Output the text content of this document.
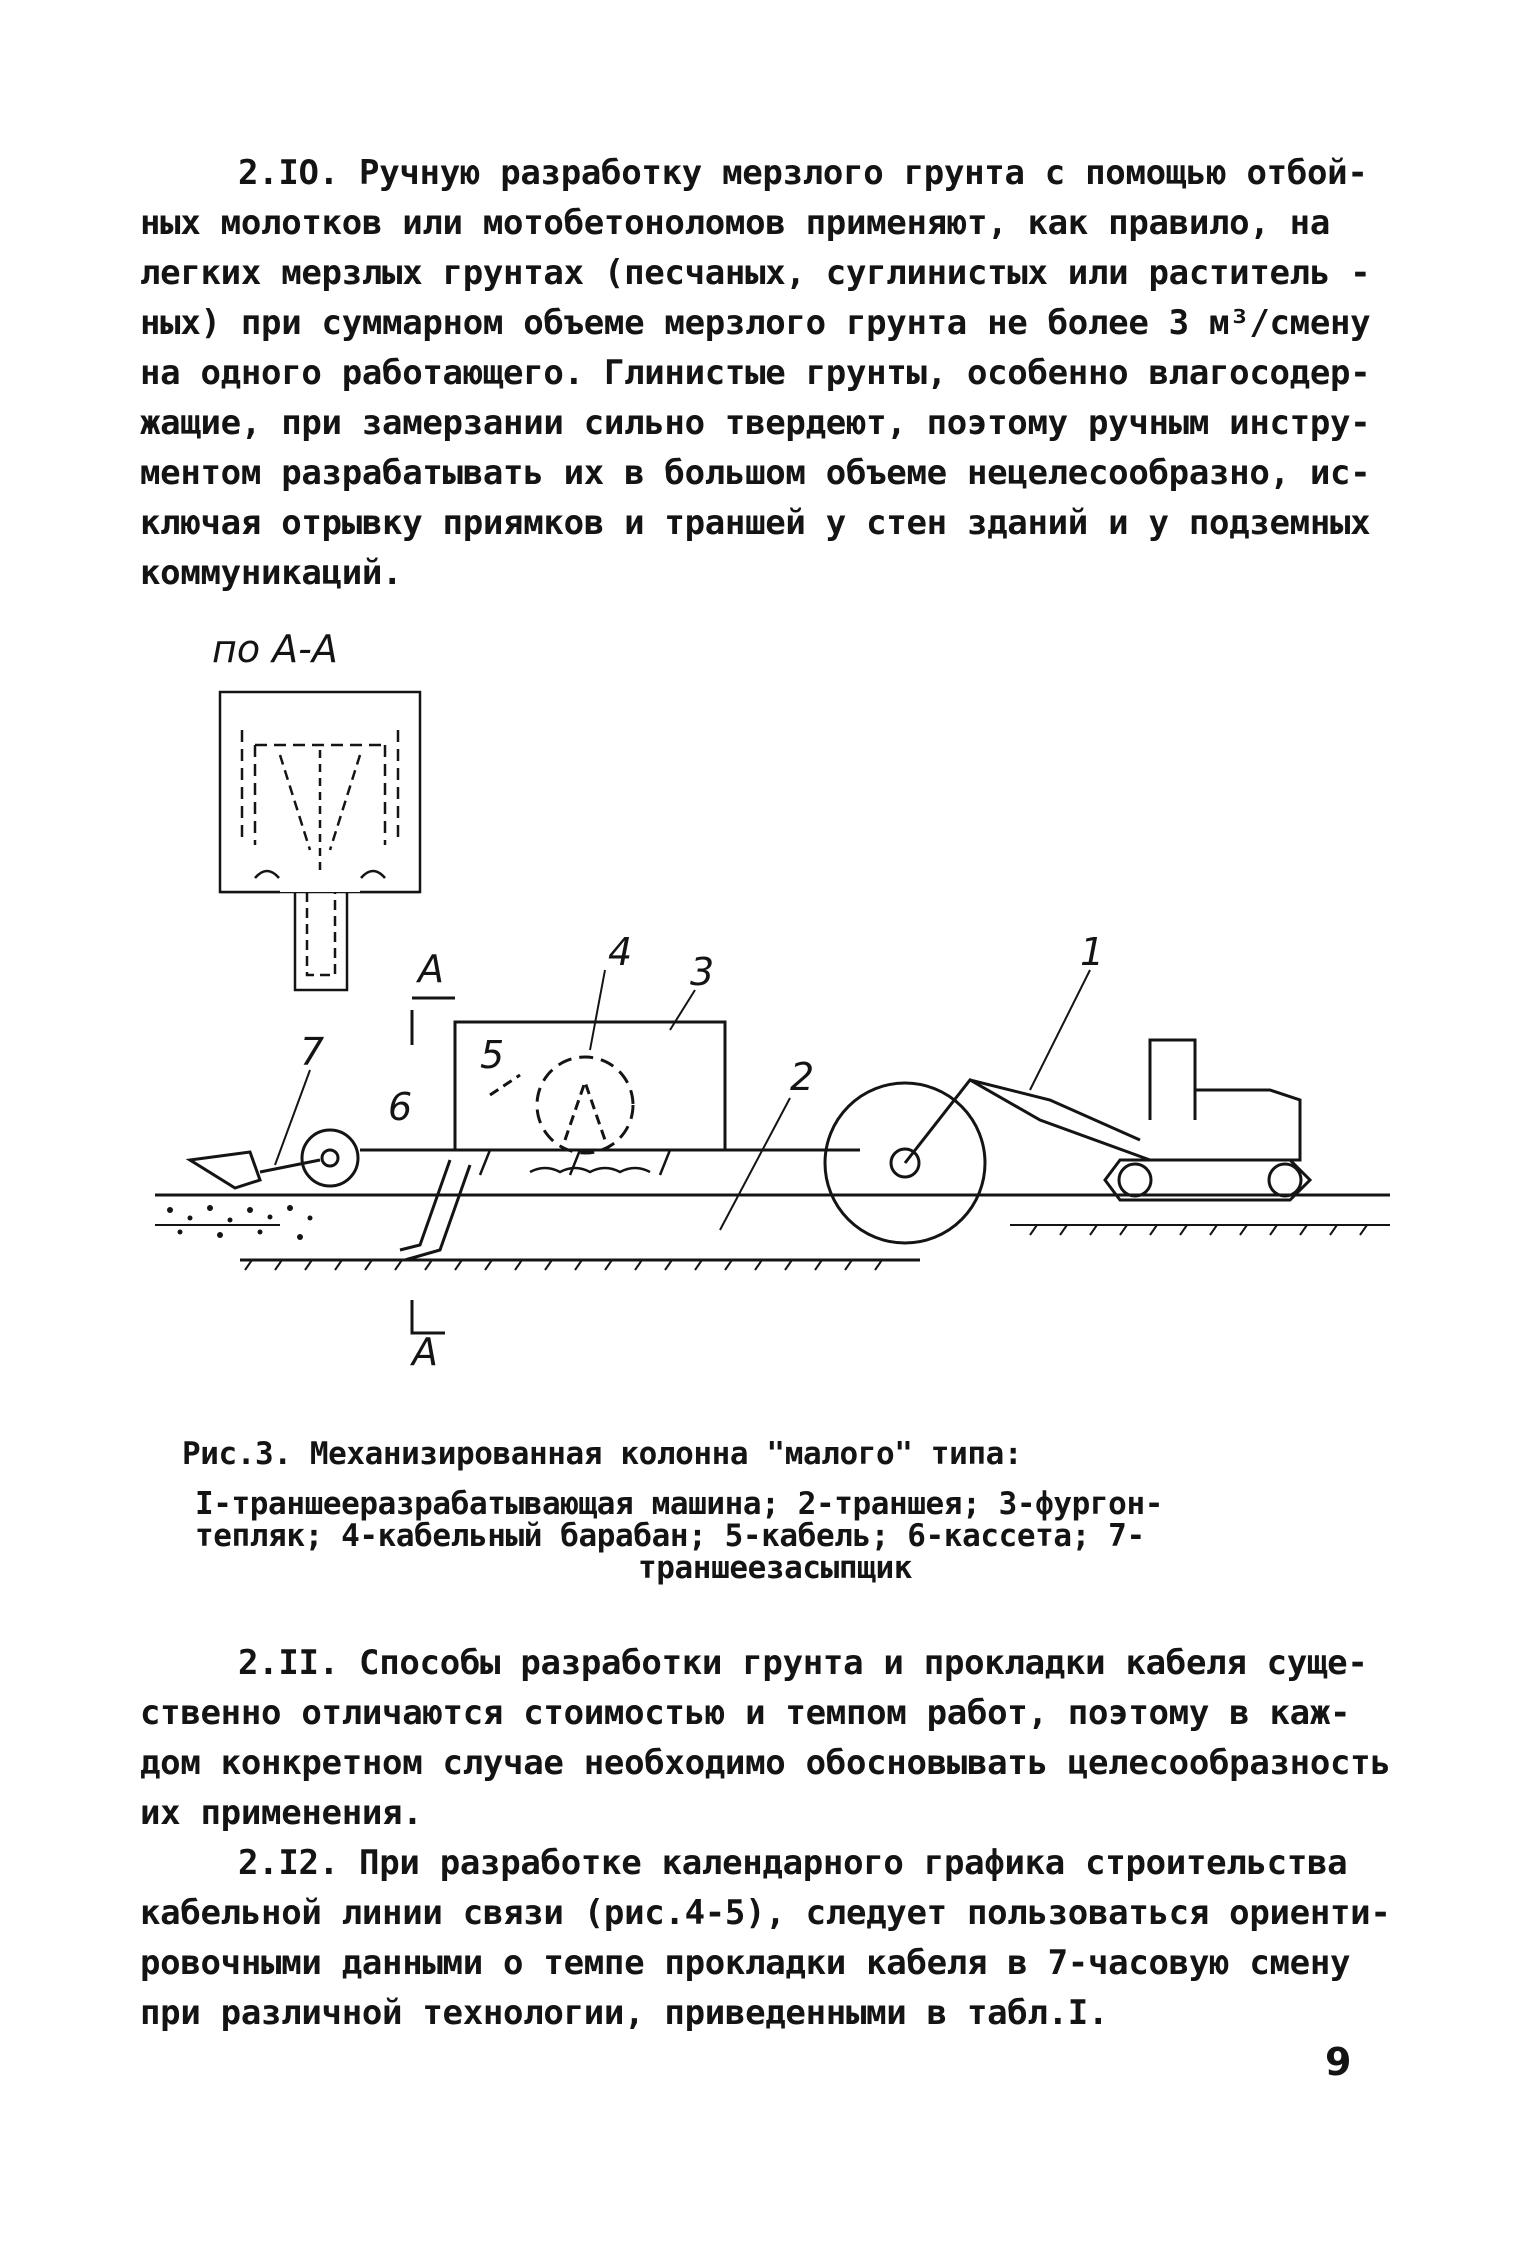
2.IO. Ручную разработку мерзлого грунта с помощью отбой-
ных молотков или мотобетоноломов применяют, как правило, на
легких мерзлых грунтах (песчаных, суглинистых или раститель -
ных) при суммарном объеме мерзлого грунта не более 3 м³/смену
на одного работающего. Глинистые грунты, особенно влагосодер-
жащие, при замерзании сильно твердеют, поэтому ручным инстру-
ментом разрабатывать их в большом объеме нецелесообразно, ис-
ключая отрывку приямков и траншей у стен зданий и у подземных
коммуникаций.
по А-А
А
А
1
2
3
4
5
6
7
Рис.3. Механизированная колонна "малого" типа:
I-траншееразрабатывающая машина; 2-траншея; 3-фургон-
тепляк; 4-кабельный барабан; 5-кабель; 6-кассета; 7-
траншеезасыпщик
2.II. Способы разработки грунта и прокладки кабеля суще-
ственно отличаются стоимостью и темпом работ, поэтому в каж-
дом конкретном случае необходимо обосновывать целесообразность
их применения.
2.I2. При разработке календарного графика строительства
кабельной линии связи (рис.4-5), следует пользоваться ориенти-
ровочными данными о темпе прокладки кабеля в 7-часовую смену
при различной технологии, приведенными в табл.I.
9
